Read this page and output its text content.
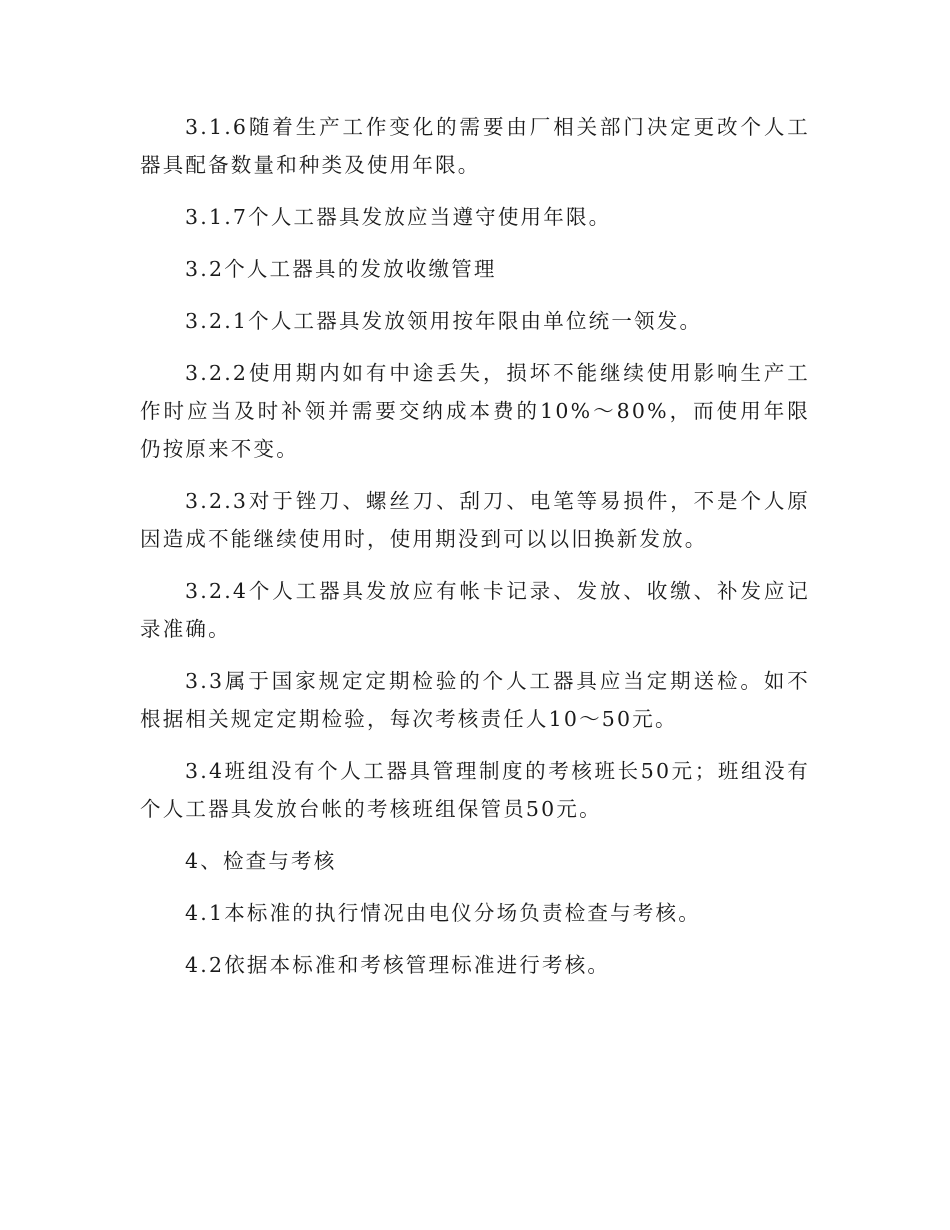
3.1.6随着生产工作变化的需要由厂相关部门决定更改个人工器具配备数量和种类及使用年限。

3.1.7个人工器具发放应当遵守使用年限。

3.2个人工器具的发放收缴管理

3.2.1个人工器具发放领用按年限由单位统一领发。

3.2.2使用期内如有中途丢失，损坏不能继续使用影响生产工作时应当及时补领并需要交纳成本费的10%～80%，而使用年限仍按原来不变。

3.2.3对于锉刀、螺丝刀、刮刀、电笔等易损件，不是个人原因造成不能继续使用时，使用期没到可以以旧换新发放。

3.2.4个人工器具发放应有帐卡记录、发放、收缴、补发应记录准确。

3.3属于国家规定定期检验的个人工器具应当定期送检。如不根据相关规定定期检验，每次考核责任人10～50元。

3.4班组没有个人工器具管理制度的考核班长50元；班组没有个人工器具发放台帐的考核班组保管员50元。

4、检查与考核

4.1本标准的执行情况由电仪分场负责检查与考核。

4.2依据本标准和考核管理标准进行考核。
